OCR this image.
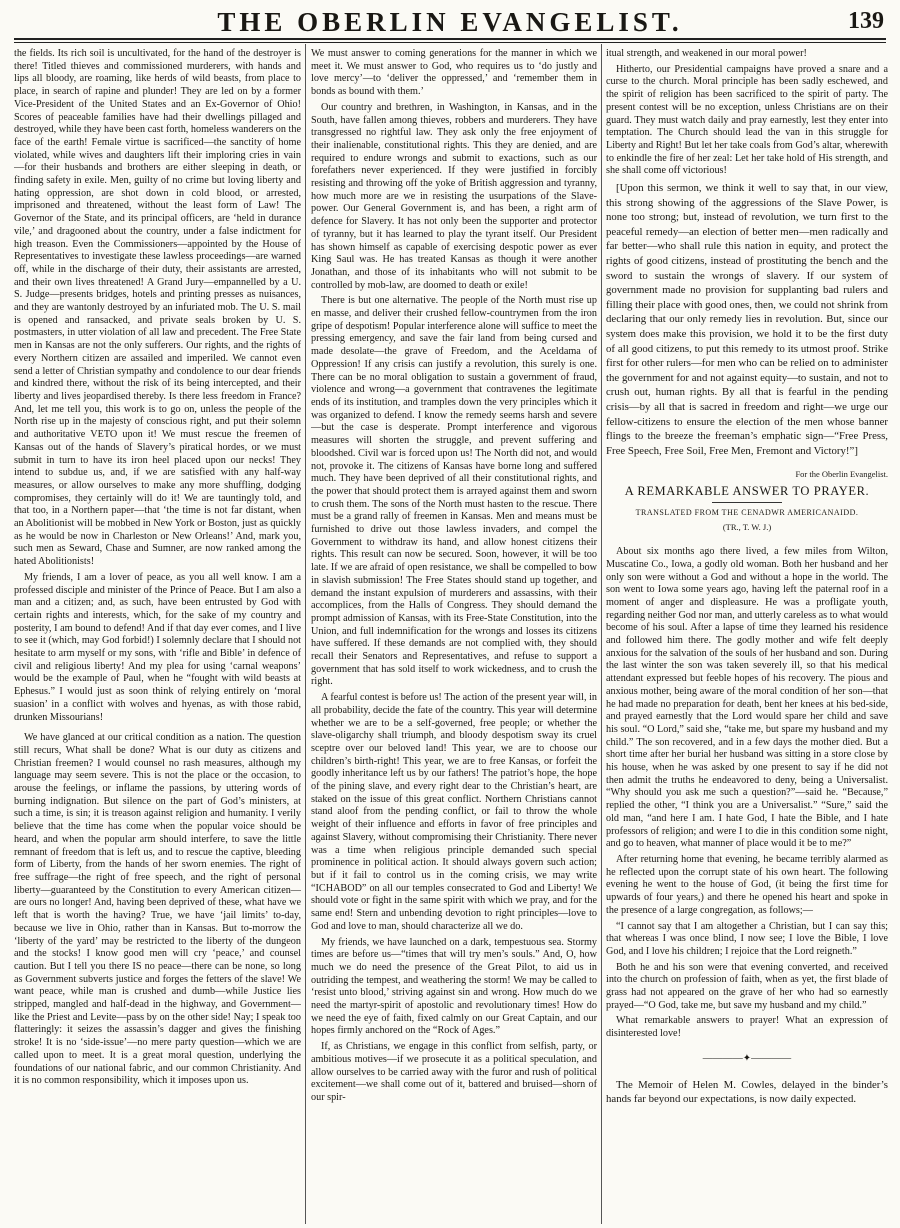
THE OBERLIN EVANGELIST.	139

the fields. Its rich soil is uncultivated, for the hand of the destroyer is there! Titled thieves and commissioned murderers, with hands and lips all bloody, are roaming, like herds of wild beasts, from place to place, in search of rapine and plunder! They are led on by a former Vice-President of the United States and an Ex-Governor of Ohio! Scores of peaceable families have had their dwellings pillaged and destroyed, while they have been cast forth, homeless wanderers on the face of the earth! Female virtue is sacrificed—the sanctity of home violated, while wives and daughters lift their imploring cries in vain—for their husbands and brothers are either sleeping in death, or finding safety in exile. Men, guilty of no crime but loving liberty and hating oppression, are shot down in cold blood, or arrested, imprisoned and threatened, without the least form of Law! The Governor of the State, and its principal officers, are ‘held in durance vile,’ and dragooned about the country, under a false indictment for high treason. Even the Commissioners—appointed by the House of Representatives to investigate these lawless proceedings—are warned off, while in the discharge of their duty, their assistants are arrested, and their own lives threatened! A Grand Jury—empannelled by a U. S. Judge—presents bridges, hotels and printing presses as nuisances, and they are wantonly destroyed by an infuriated mob. The U. S. mail is opened and ransacked, and private seals broken by U. S. postmasters, in utter violation of all law and precedent. The Free State men in Kansas are not the only sufferers. Our rights, and the rights of every Northern citizen are assailed and imperiled. We cannot even send a letter of Christian sympathy and condolence to our dear friends and kindred there, without the risk of its being intercepted, and their liberty and lives jeopardised thereby. Is there less freedom in France? And, let me tell you, this work is to go on, unless the people of the North rise up in the majesty of conscious right, and put their solemn and authoritative VETO upon it! We must rescue the freemen of Kansas out of the hands of Slavery’s piratical hordes, or we must submit in turn to have its iron heel placed upon our necks! They intend to subdue us, and, if we are satisfied with any half-way measures, or allow ourselves to make any more shuffling, dodging compromises, they certainly will do it! We are tauntingly told, and that too, in a Northern paper—that ‘the time is not far distant, when an Abolitionist will be mobbed in New York or Boston, just as quickly as he would be now in Charleston or New Orleans!’ And, mark you, such men as Seward, Chase and Sumner, are now ranked among the hated Abolitionists!

My friends, I am a lover of peace, as you all well know. I am a professed disciple and minister of the Prince of Peace. But I am also a man and a citizen; and, as such, have been entrusted by God with certain rights and interests, which, for the sake of my country and posterity, I am bound to defend! And if that day ever comes, and I live to see it (which, may God forbid!) I solemnly declare that I should not hesitate to arm myself or my sons, with ‘rifle and Bible’ in defence of civil and religious liberty! And my plea for using ‘carnal weapons’ would be the example of Paul, when he “fought with wild beasts at Ephesus.” I would just as soon think of relying entirely on ‘moral suasion’ in a conflict with wolves and hyenas, as with those rabid, drunken Missourians!

We have glanced at our critical condition as a nation. The question still recurs, What shall be done? What is our duty as citizens and Christian freemen? I would counsel no rash measures, although my language may seem severe. This is not the place or the occasion, to arouse the feelings, or inflame the passions, by uttering words of burning indignation. But silence on the part of God’s ministers, at such a time, is sin; it is treason against religion and humanity. I verily believe that the time has come when the popular voice should be heard, and when the popular arm should interfere, to save the little remnant of freedom that is left us, and to rescue the captive, bleeding form of Liberty, from the hands of her sworn enemies. The right of free suffrage—the right of free speech, and the right of personal liberty—guaranteed by the Constitution to every American citizen—are ours no longer! And, having been deprived of these, what have we left that is worth the having? True, we have ‘jail limits’ to-day, because we live in Ohio, rather than in Kansas. But to-morrow the ‘liberty of the yard’ may be restricted to the liberty of the dungeon and the stocks! I know good men will cry ‘peace,’ and counsel caution. But I tell you there IS no peace—there can be none, so long as Government subverts justice and forges the fetters of the slave! We want peace, while man is crushed and dumb—while Justice lies stripped, mangled and half-dead in the highway, and Government—like the Priest and Levite—pass by on the other side! Nay; I speak too flatteringly: it seizes the assassin’s dagger and gives the finishing stroke! It is no ‘side-issue’—no mere party question—which we are called upon to meet. It is a great moral question, underlying the foundations of our national fabric, and our common Christianity. And it is no common responsibility, which it imposes upon us.

We must answer to coming generations for the manner in which we meet it. We must answer to God, who requires us to ‘do justly and love mercy’—to ‘deliver the oppressed,’ and ‘remember them in bonds as bound with them.’

Our country and brethren, in Washington, in Kansas, and in the South, have fallen among thieves, robbers and murderers. They have transgressed no rightful law. They ask only the free enjoyment of their inalienable, constitutional rights. This they are denied, and are required to endure wrongs and submit to exactions, such as our forefathers never experienced. If they were justified in forcibly resisting and throwing off the yoke of British aggression and tyranny, how much more are we in resisting the usurpations of the Slave-power. Our General Government is, and has been, a right arm of defence for Slavery. It has not only been the supporter and protector of tyranny, but it has learned to play the tyrant itself. Our President has shown himself as capable of exercising despotic power as ever King Saul was. He has treated Kansas as though it were another Jonathan, and those of its inhabitants who will not submit to be controlled by mob-law, are doomed to death or exile!

There is but one alternative. The people of the North must rise up en masse, and deliver their crushed fellow-countrymen from the iron gripe of despotism! Popular interference alone will suffice to meet the pressing emergency, and save the fair land from being cursed and made desolate—the grave of Freedom, and the Aceldama of Oppression! If any crisis can justify a revolution, this surely is one. There can be no moral obligation to sustain a government of fraud, violence and wrong—a government that contravenes the legitimate ends of its institution, and tramples down the very principles which it was organized to defend. I know the remedy seems harsh and severe—but the case is desperate. Prompt interference and vigorous measures will shorten the struggle, and prevent suffering and bloodshed. Civil war is forced upon us! The North did not, and would not, provoke it. The citizens of Kansas have borne long and suffered much. They have been deprived of all their constitutional rights, and the power that should protect them is arrayed against them and sworn to crush them. The sons of the North must hasten to the rescue. There must be a grand rally of freemen in Kansas. Men and means must be furnished to drive out those lawless invaders, and compel the Government to withdraw its hand, and allow honest citizens their rights. This result can now be secured. Soon, however, it will be too late. If we are afraid of open resistance, we shall be compelled to bow in slavish submission! The Free States should stand up together, and demand the instant expulsion of murderers and assassins, with their accomplices, from the Halls of Congress. They should demand the prompt admission of Kansas, with its Free-State Constitution, into the Union, and full indemnification for the wrongs and losses its citizens have suffered. If these demands are not complied with, they should recall their Senators and Representatives, and refuse to support a government that has sold itself to work wickedness, and to crush the right.

A fearful contest is before us! The action of the present year will, in all probability, decide the fate of the country. This year will determine whether we are to be a self-governed, free people; or whether the slave-oligarchy shall triumph, and bloody despotism sway its cruel sceptre over our beloved land! This year, we are to choose our children’s birth-right! This year, we are to free Kansas, or forfeit the goodly inheritance left us by our fathers! The patriot’s hope, the hope of the pining slave, and every right dear to the Christian’s heart, are staked on the issue of this great conflict. Northern Christians cannot stand aloof from the pending conflict, or fail to throw the whole weight of their influence and efforts in favor of free principles and against Slavery, without compromising their Christianity. There never was a time when religious principle demanded such special prominence in political action. It should always govern such action; but if it fail to control us in the coming crisis, we may write “ICHABOD” on all our temples consecrated to God and Liberty! We should vote or fight in the same spirit with which we pray, and for the same end! Stern and unbending devotion to right principles—love to God and love to man, should characterize all we do.

My friends, we have launched on a dark, tempestuous sea. Stormy times are before us—“times that will try men’s souls.” And, O, how much we do need the presence of the Great Pilot, to aid us in outriding the tempest, and weathering the storm! We may be called to ‘resist unto blood,’ striving against sin and wrong. How much do we need the martyr-spirit of apostolic and revolutionary times! How do we need the eye of faith, fixed calmly on our Great Captain, and our hopes firmly anchored on the “Rock of Ages.”

If, as Christians, we engage in this conflict from selfish, party, or ambitious motives—if we prosecute it as a political speculation, and allow ourselves to be carried away with the furor and rush of political excitement—we shall come out of it, battered and bruised—shorn of our spir-

itual strength, and weakened in our moral power!

Hitherto, our Presidential campaigns have proved a snare and a curse to the church. Moral principle has been sadly eschewed, and the spirit of religion has been sacrificed to the spirit of party. The present contest will be no exception, unless Christians are on their guard. They must watch daily and pray earnestly, lest they enter into temptation. The Church should lead the van in this struggle for Liberty and Right! But let her take coals from God’s altar, wherewith to enkindle the fire of her zeal: Let her take hold of His strength, and she shall come off victorious!

[Upon this sermon, we think it well to say that, in our view, this strong showing of the aggressions of the Slave Power, is none too strong; but, instead of revolution, we turn first to the peaceful remedy—an election of better men—men radically and far better—who shall rule this nation in equity, and protect the rights of good citizens, instead of prostituting the bench and the sword to sustain the wrongs of slavery. If our system of government made no provision for supplanting bad rulers and filling their place with good ones, then, we could not shrink from declaring that our only remedy lies in revolution. But, since our system does make this provision, we hold it to be the first duty of all good citizens, to put this remedy to its utmost proof. Strike first for other rulers—for men who can be relied on to administer the government for and not against equity—to sustain, and not to crush out, human rights. By all that is fearful in the pending crisis—by all that is sacred in freedom and right—we urge our fellow-citizens to ensure the election of the men whose banner flings to the breeze the freeman’s emphatic sign—“Free Press, Free Speech, Free Soil, Free Men, Fremont and Victory!”]

For the Oberlin Evangelist.

A REMARKABLE ANSWER TO PRAYER.

TRANSLATED FROM THE CENADWR AMERICANAIDD.

(TR., T. W. J.)

About six months ago there lived, a few miles from Wilton, Muscatine Co., Iowa, a godly old woman. Both her husband and her only son were without a God and without a hope in the world. The son went to Iowa some years ago, having left the paternal roof in a moment of anger and displeasure. He was a profligate youth, regarding neither God nor man, and utterly careless as to what would become of his soul. After a lapse of time they learned his residence and followed him there. The godly mother and wife felt deeply anxious for the salvation of the souls of her husband and son. During the last winter the son was taken severely ill, so that his medical attendant expressed but feeble hopes of his recovery. The pious and anxious mother, being aware of the moral condition of her son—that he had made no preparation for death, bent her knees at his bed-side, and prayed earnestly that the Lord would spare her child and save his soul. “O Lord,” said she, “take me, but spare my husband and my child.” The son recovered, and in a few days the mother died. But a short time after her burial her husband was sitting in a store close by his house, when he was asked by one present to say if he did not then admit the truths he endeavored to deny, being a Universalist. “Why should you ask me such a question?”—said he. “Because,” replied the other, “I think you are a Universalist.” “Sure,” said the old man, “and here I am. I hate God, I hate the Bible, and I hate professors of religion; and were I to die in this condition some night, and go to heaven, what manner of place would it be to me?”

After returning home that evening, he became terribly alarmed as he reflected upon the corrupt state of his own heart. The following evening he went to the house of God, (it being the first time for upwards of four years,) and there he opened his heart and spoke in the presence of a large congregation, as follows;—

“I cannot say that I am altogether a Christian, but I can say this; that whereas I was once blind, I now see; I love the Bible, I love God, and I love his children; I rejoice that the Lord reigneth.”

Both he and his son were that evening converted, and received into the church on profession of faith, when as yet, the first blade of grass had not appeared on the grave of her who had so earnestly prayed—“O God, take me, but save my husband and my child.”

What remarkable answers to prayer! What an expression of disinterested love!

————✦————

The Memoir of Helen M. Cowles, delayed in the binder’s hands far beyond our expectations, is now daily expected.
